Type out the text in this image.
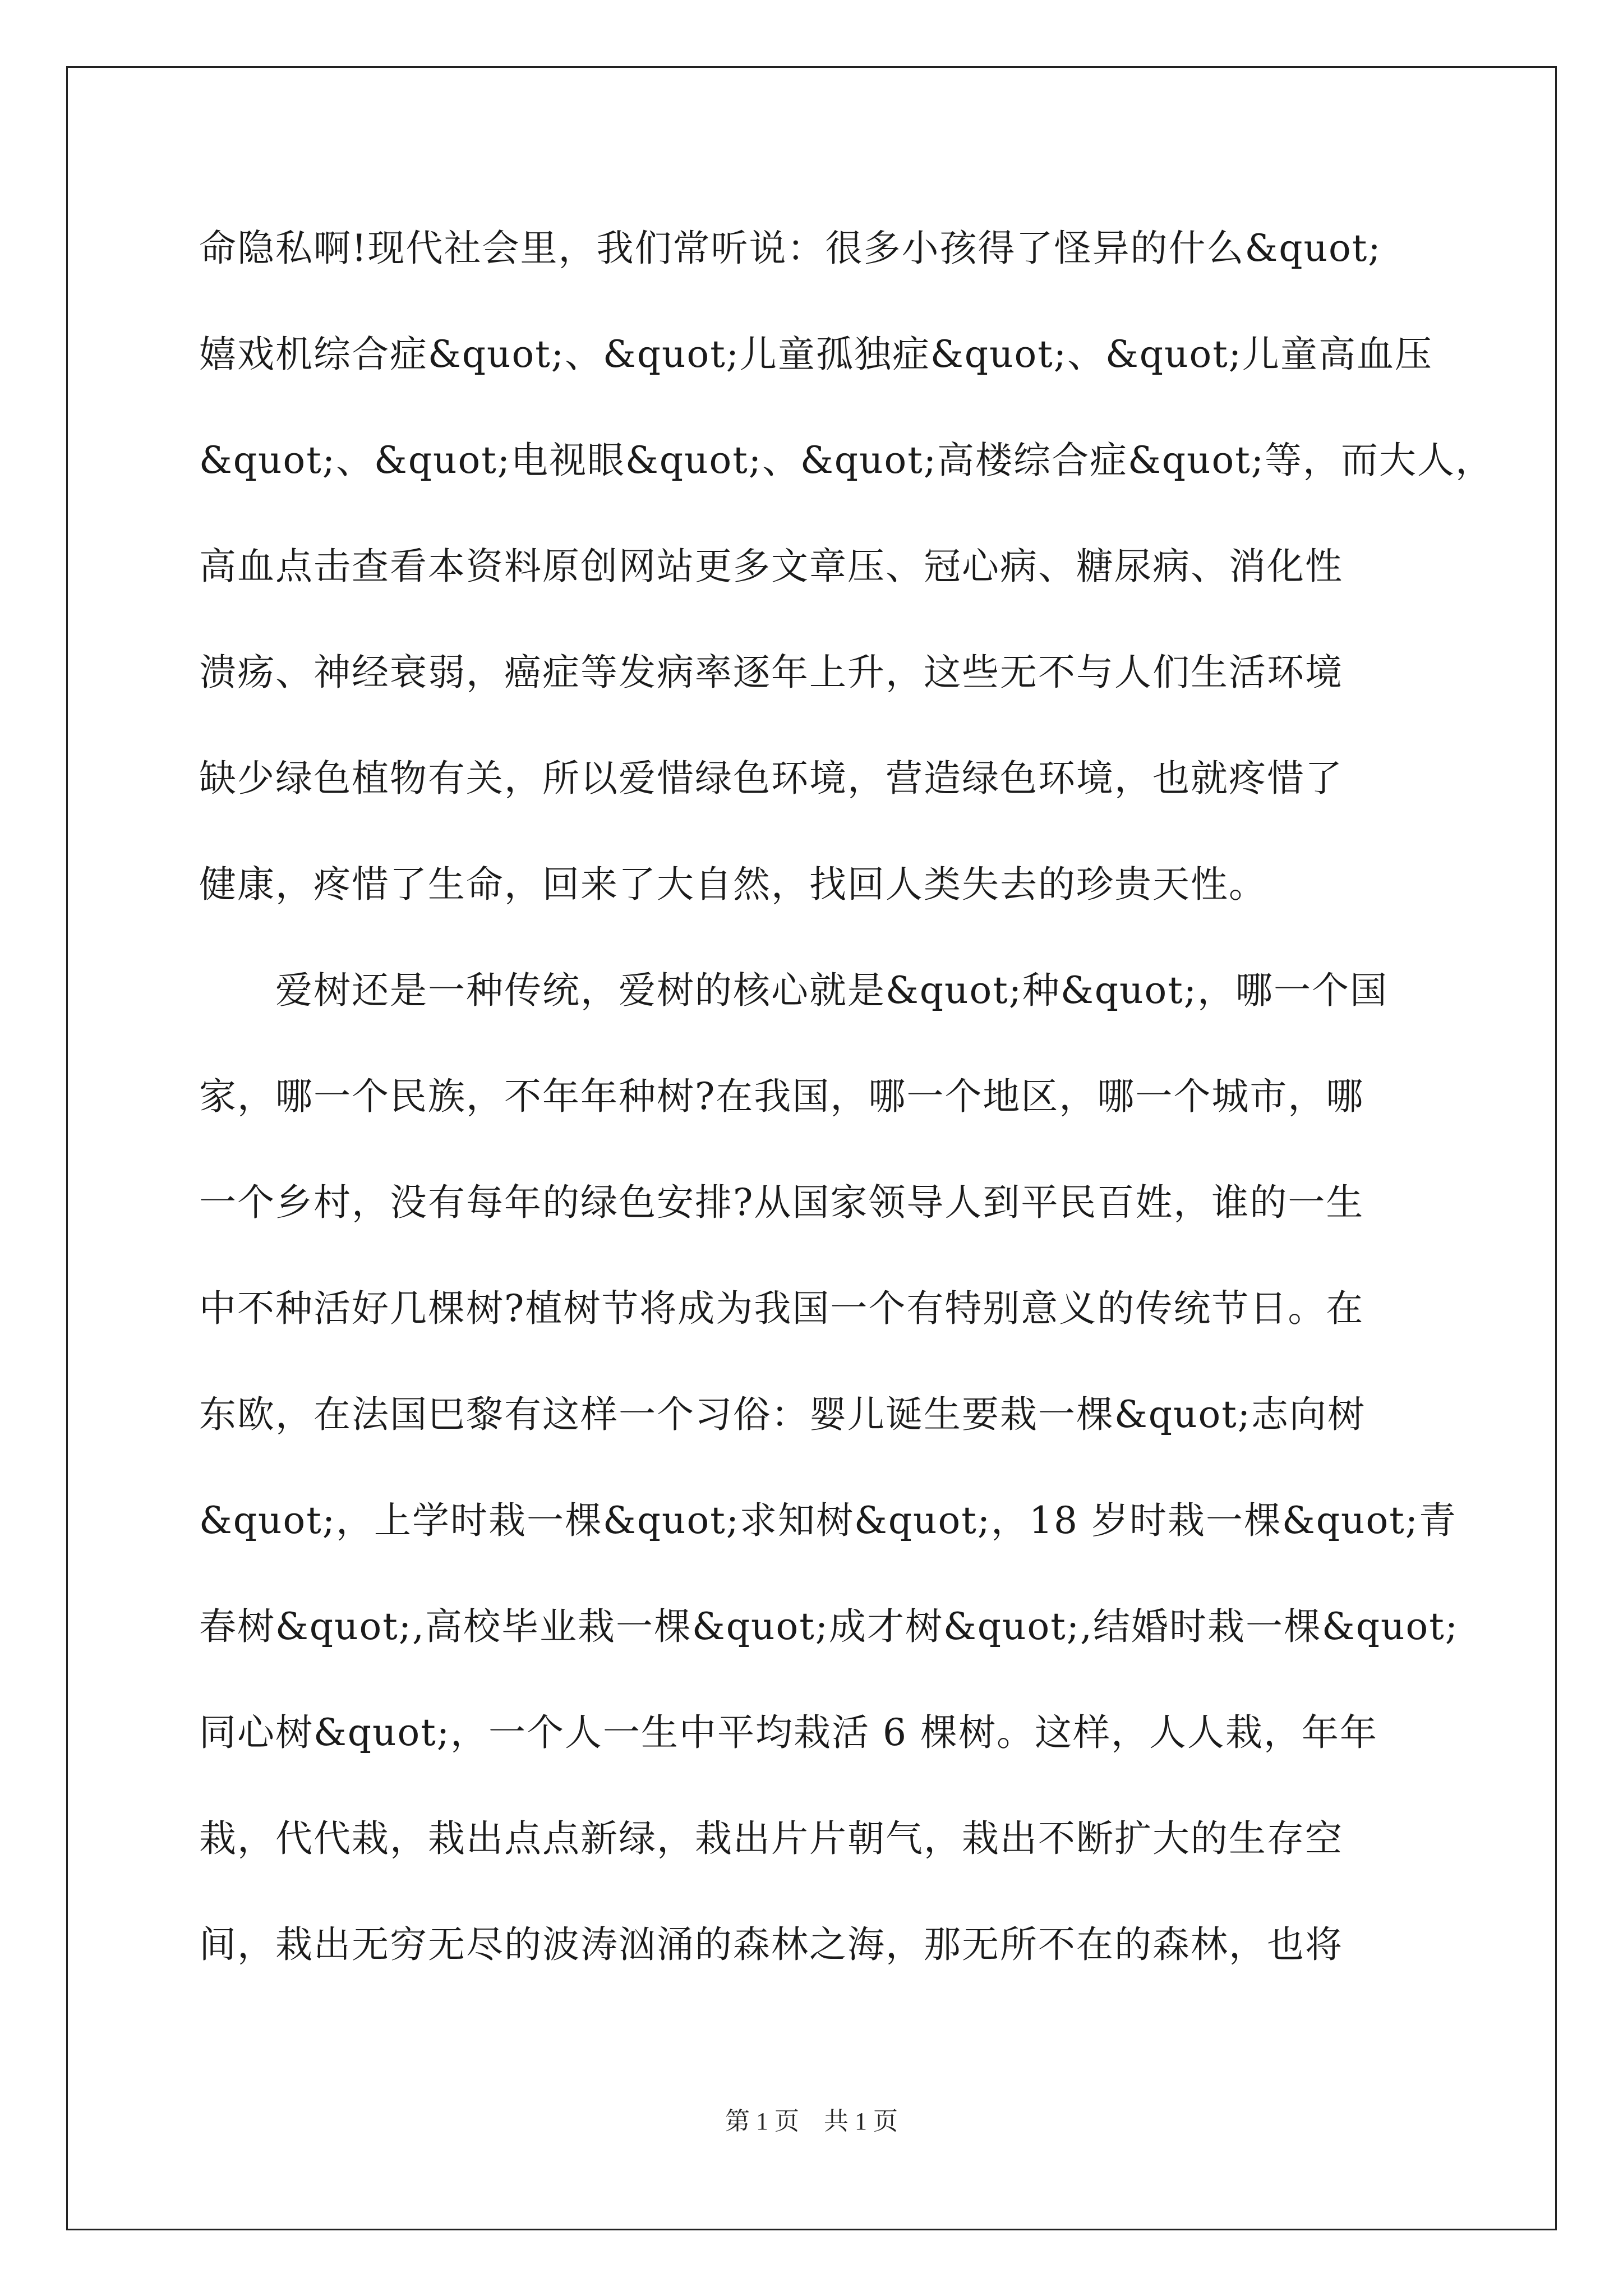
命隐私啊!现代社会里，我们常听说：很多小孩得了怪异的什么&quot;
嬉戏机综合症&quot;、&quot;儿童孤独症&quot;、&quot;儿童高血压
&quot;、&quot;电视眼&quot;、&quot;高楼综合症&quot;等，而大人，
高血点击查看本资料原创网站更多文章压、冠心病、糖尿病、消化性
溃疡、神经衰弱，癌症等发病率逐年上升，这些无不与人们生活环境
缺少绿色植物有关，所以爱惜绿色环境，营造绿色环境，也就疼惜了
健康，疼惜了生命，回来了大自然，找回人类失去的珍贵天性。
　　爱树还是一种传统，爱树的核心就是&quot;种&quot;，哪一个国
家，哪一个民族，不年年种树?在我国，哪一个地区，哪一个城市，哪
一个乡村，没有每年的绿色安排?从国家领导人到平民百姓，谁的一生
中不种活好几棵树?植树节将成为我国一个有特别意义的传统节日。在
东欧，在法国巴黎有这样一个习俗：婴儿诞生要栽一棵&quot;志向树
&quot;，上学时栽一棵&quot;求知树&quot;，18 岁时栽一棵&quot;青
春树&quot;,高校毕业栽一棵&quot;成才树&quot;,结婚时栽一棵&quot;
同心树&quot;，一个人一生中平均栽活 6 棵树。这样，人人栽，年年
栽，代代栽，栽出点点新绿，栽出片片朝气，栽出不断扩大的生存空
间，栽出无穷无尽的波涛汹涌的森林之海，那无所不在的森林，也将
第 1 页　共 1 页
